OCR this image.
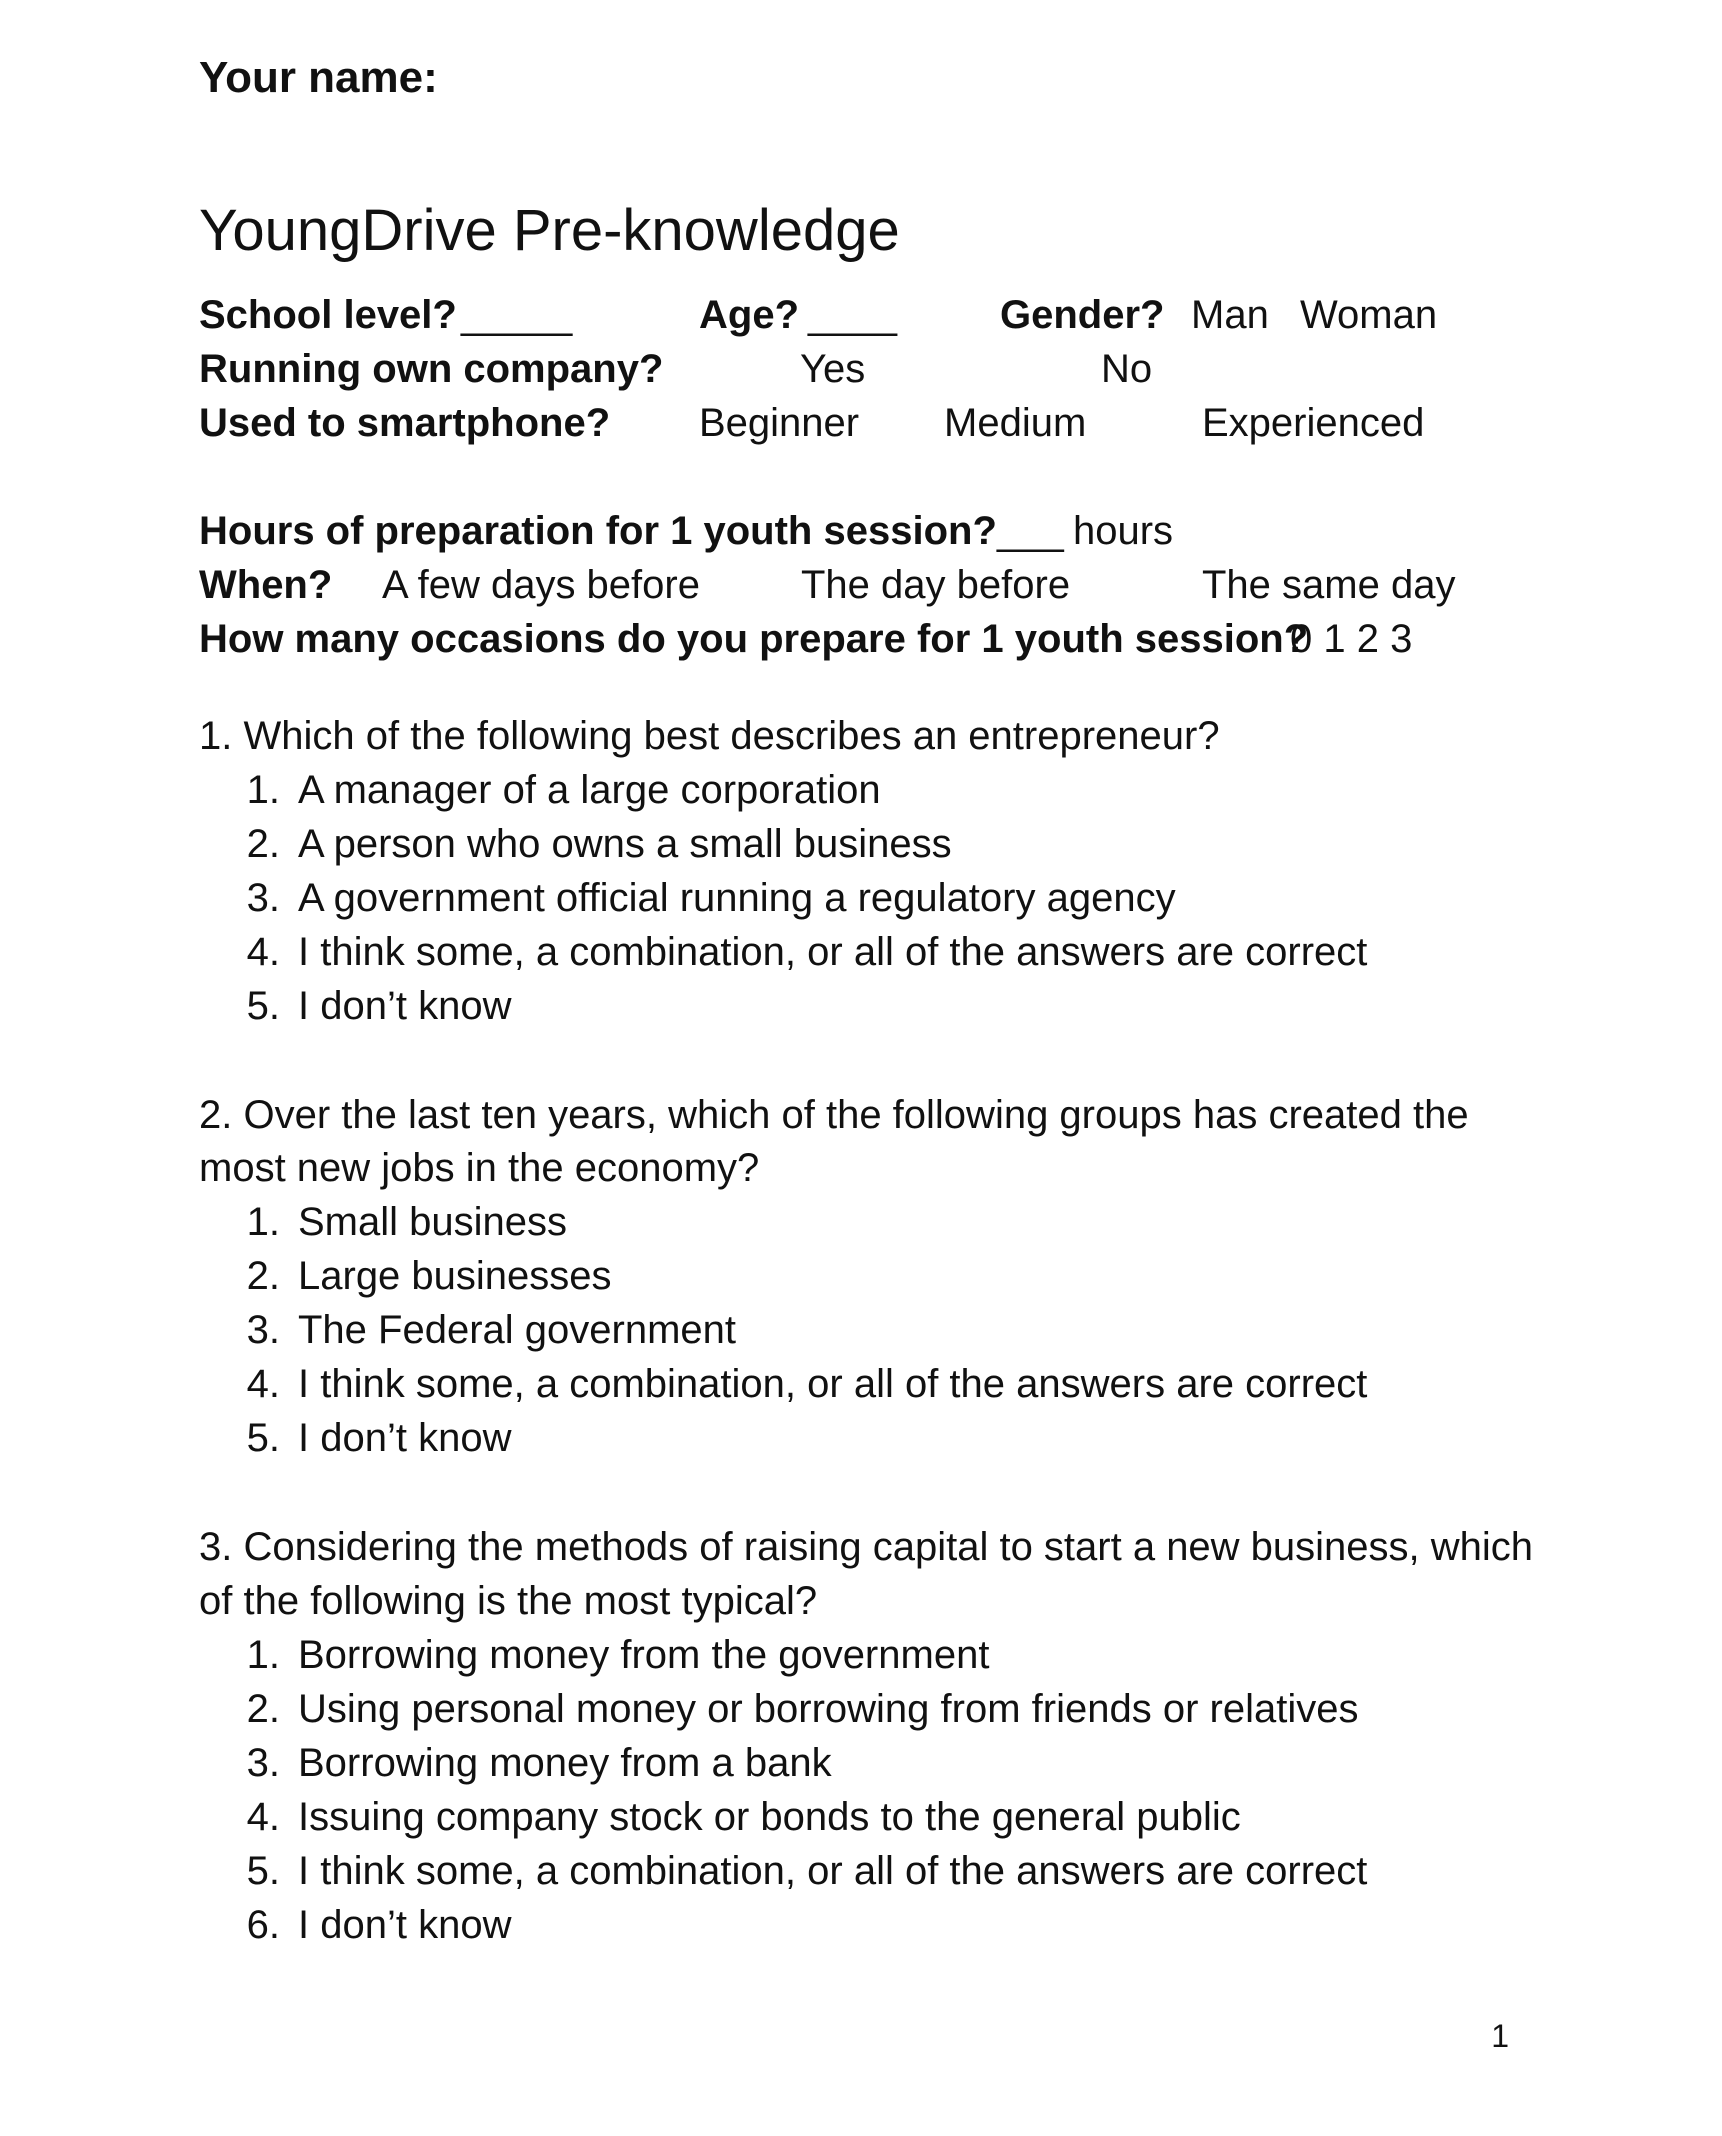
Your name:
YoungDrive Pre-knowledge
School level? _____	Age? ____	Gender? Man Woman
Running own company?	Yes	No
Used to smartphone? Beginner Medium	Experienced
Hours of preparation for 1 youth session? ___ hours
When? A few days before	The day before	The same day
How many occasions do you prepare for 1 youth session?
0 1 2 3
1. Which of the following best describes an entrepreneur?
1. A manager of a large corporation
2. A person who owns a small business
3. A government official running a regulatory agency
4. I think some, a combination, or all of the answers are correct
5. I don’t know
2. Over the last ten years, which of the following groups has created the
most new jobs in the economy?
1. Small business
2. Large businesses
3. The Federal government
4. I think some, a combination, or all of the answers are correct
5. I don’t know
3. Considering the methods of raising capital to start a new business, which
of the following is the most typical?
1. Borrowing money from the government
2. Using personal money or borrowing from friends or relatives
3. Borrowing money from a bank
4. Issuing company stock or bonds to the general public
5. I think some, a combination, or all of the answers are correct
6. I don’t know
1
